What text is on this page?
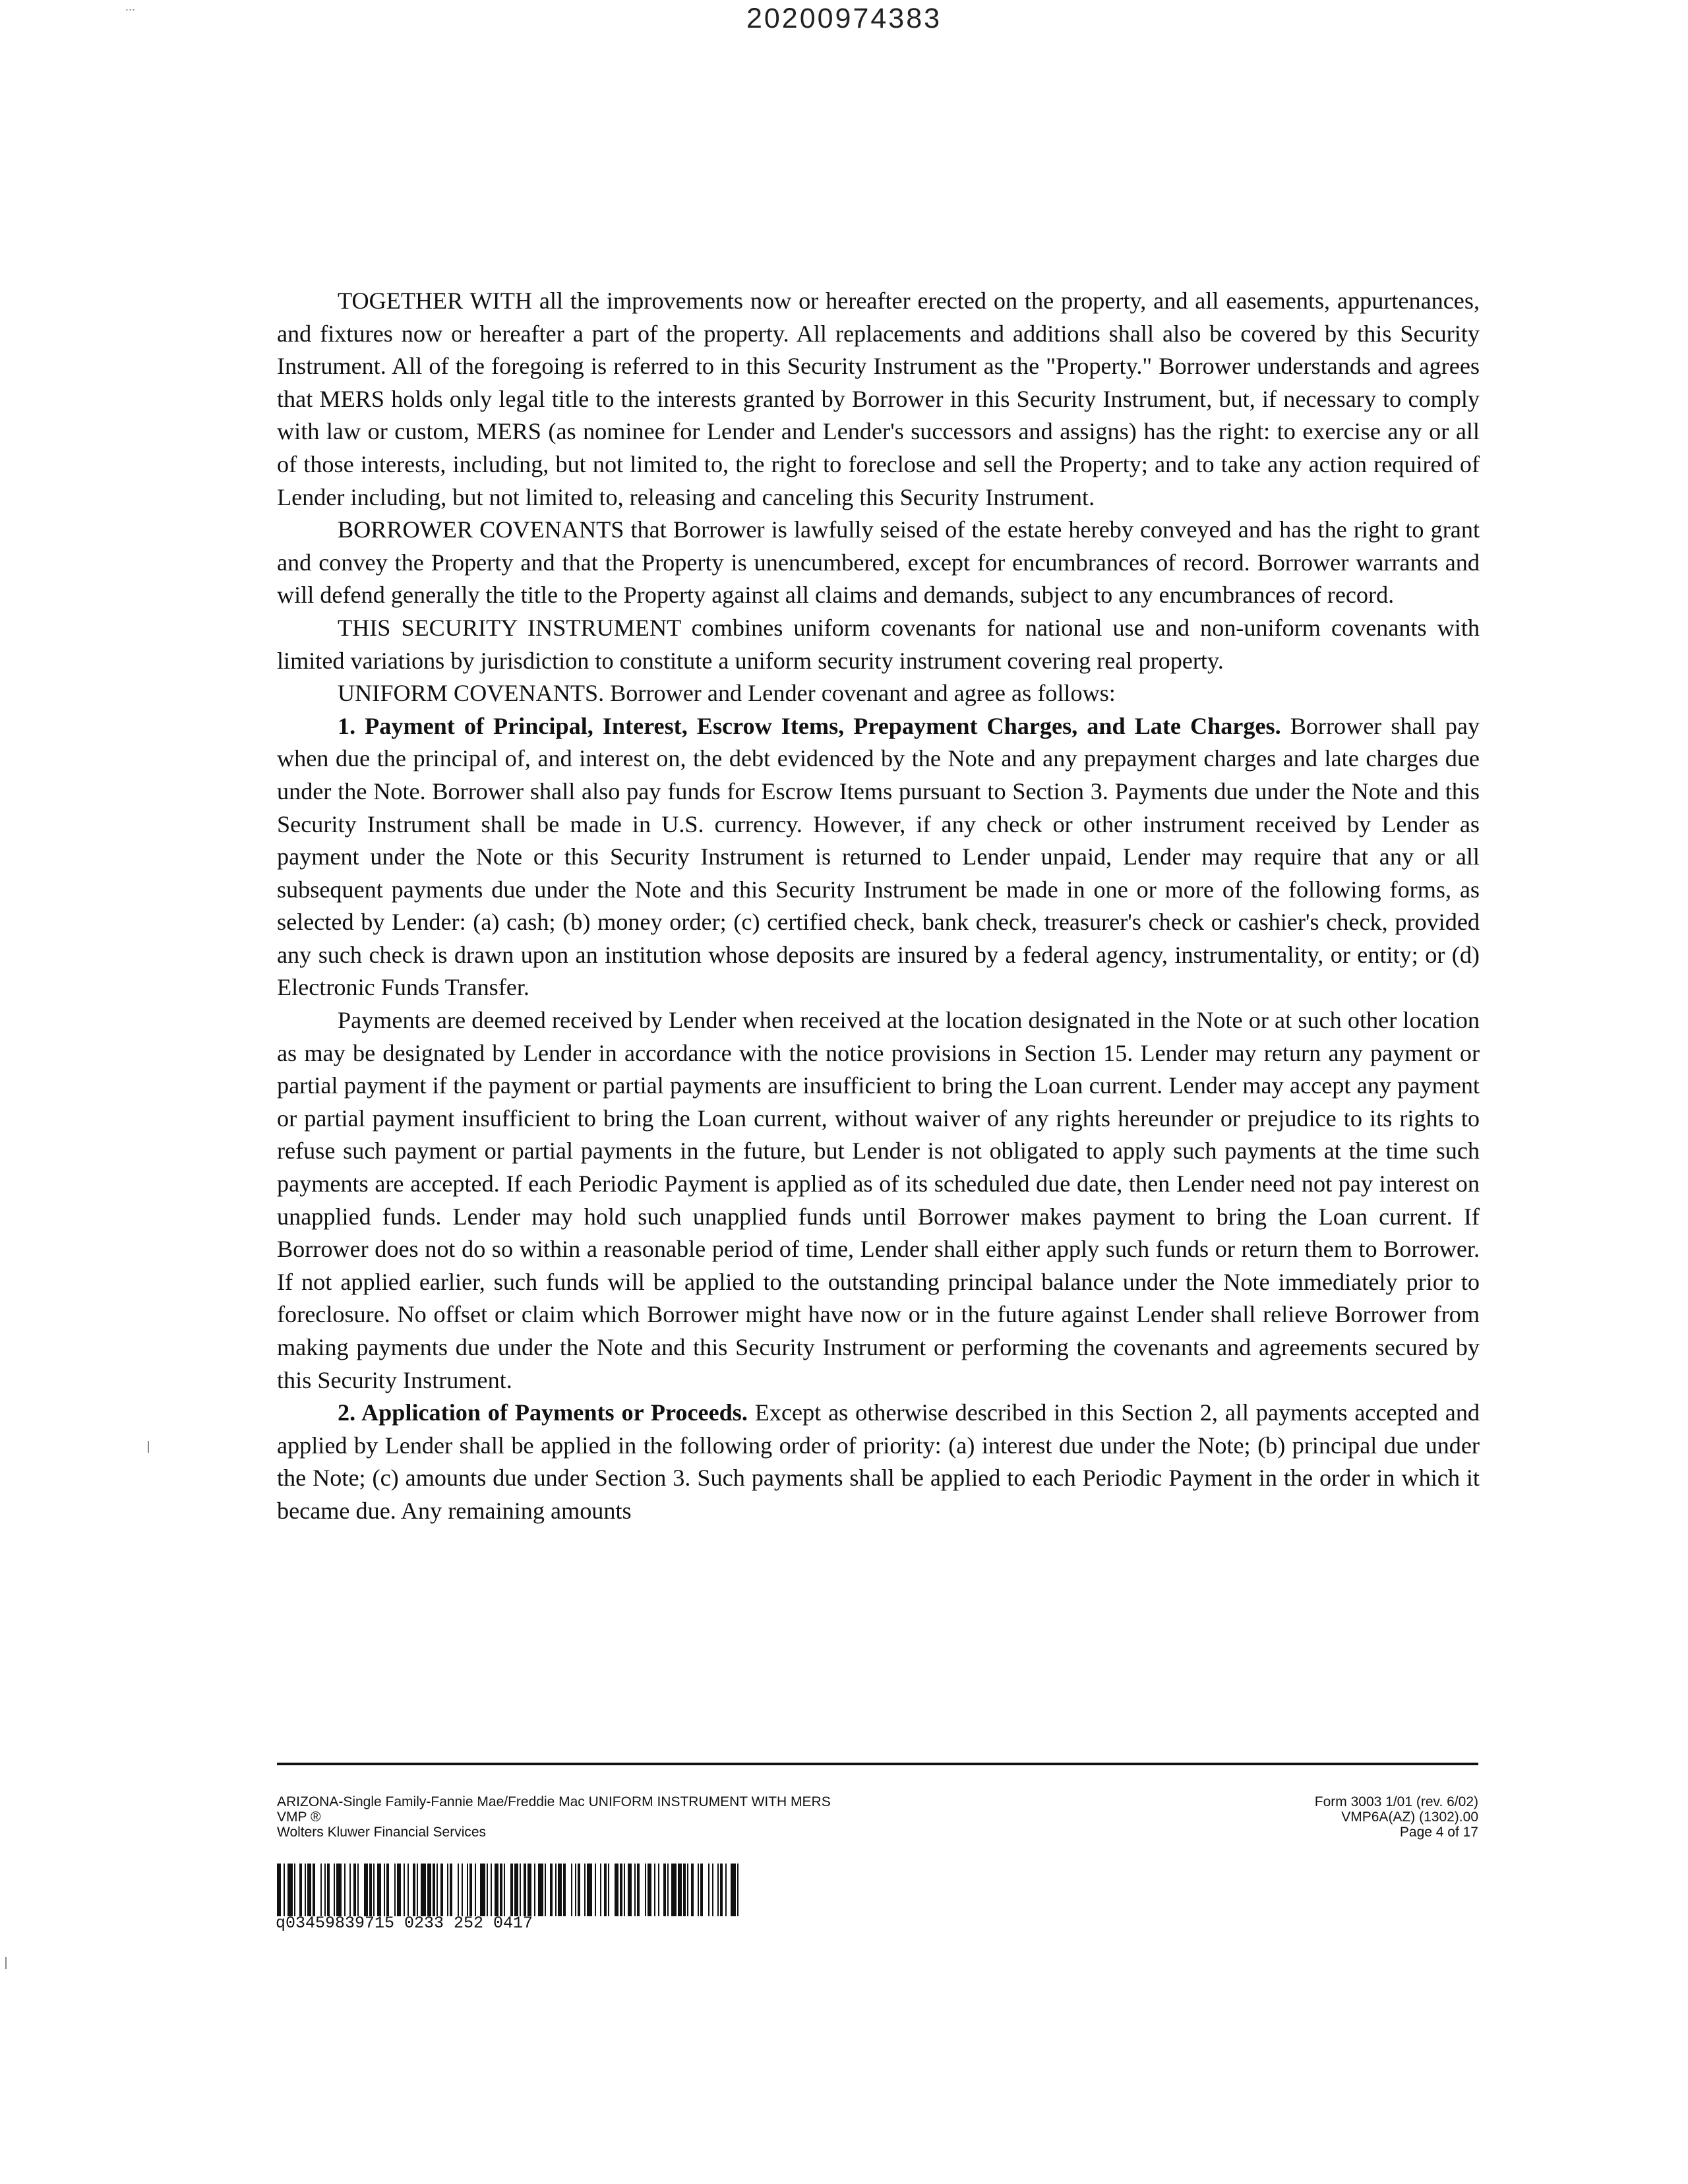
...	20200974383

TOGETHER WITH all the improvements now or hereafter erected on the property, and all easements, appurtenances, and fixtures now or hereafter a part of the property. All replacements and additions shall also be covered by this Security Instrument. All of the foregoing is referred to in this Security Instrument as the "Property." Borrower understands and agrees that MERS holds only legal title to the interests granted by Borrower in this Security Instrument, but, if necessary to comply with law or custom, MERS (as nominee for Lender and Lender's successors and assigns) has the right: to exercise any or all of those interests, including, but not limited to, the right to foreclose and sell the Property; and to take any action required of Lender including, but not limited to, releasing and canceling this Security Instrument.

BORROWER COVENANTS that Borrower is lawfully seised of the estate hereby conveyed and has the right to grant and convey the Property and that the Property is unencumbered, except for encumbrances of record. Borrower warrants and will defend generally the title to the Property against all claims and demands, subject to any encumbrances of record.

THIS SECURITY INSTRUMENT combines uniform covenants for national use and non-uniform covenants with limited variations by jurisdiction to constitute a uniform security instrument covering real property.

UNIFORM COVENANTS. Borrower and Lender covenant and agree as follows:

1. Payment of Principal, Interest, Escrow Items, Prepayment Charges, and Late Charges. Borrower shall pay when due the principal of, and interest on, the debt evidenced by the Note and any prepayment charges and late charges due under the Note. Borrower shall also pay funds for Escrow Items pursuant to Section 3. Payments due under the Note and this Security Instrument shall be made in U.S. currency. However, if any check or other instrument received by Lender as payment under the Note or this Security Instrument is returned to Lender unpaid, Lender may require that any or all subsequent payments due under the Note and this Security Instrument be made in one or more of the following forms, as selected by Lender: (a) cash; (b) money order; (c) certified check, bank check, treasurer's check or cashier's check, provided any such check is drawn upon an institution whose deposits are insured by a federal agency, instrumentality, or entity; or (d) Electronic Funds Transfer.

Payments are deemed received by Lender when received at the location designated in the Note or at such other location as may be designated by Lender in accordance with the notice provisions in Section 15. Lender may return any payment or partial payment if the payment or partial payments are insufficient to bring the Loan current. Lender may accept any payment or partial payment insufficient to bring the Loan current, without waiver of any rights hereunder or prejudice to its rights to refuse such payment or partial payments in the future, but Lender is not obligated to apply such payments at the time such payments are accepted. If each Periodic Payment is applied as of its scheduled due date, then Lender need not pay interest on unapplied funds. Lender may hold such unapplied funds until Borrower makes payment to bring the Loan current. If Borrower does not do so within a reasonable period of time, Lender shall either apply such funds or return them to Borrower. If not applied earlier, such funds will be applied to the outstanding principal balance under the Note immediately prior to foreclosure. No offset or claim which Borrower might have now or in the future against Lender shall relieve Borrower from making payments due under the Note and this Security Instrument or performing the covenants and agreements secured by this Security Instrument.

2. Application of Payments or Proceeds. Except as otherwise described in this Section 2, all payments accepted and applied by Lender shall be applied in the following order of priority: (a) interest due under the Note; (b) principal due under the Note; (c) amounts due under Section 3. Such payments shall be applied to each Periodic Payment in the order in which it became due. Any remaining amounts

ARIZONA-Single Family-Fannie Mae/Freddie Mac UNIFORM INSTRUMENT WITH MERS
VMP ®
Wolters Kluwer Financial Services
Form 3003 1/01 (rev. 6/02)
VMP6A(AZ) (1302).00
Page 4 of 17
q03459839715 0233 252 0417
